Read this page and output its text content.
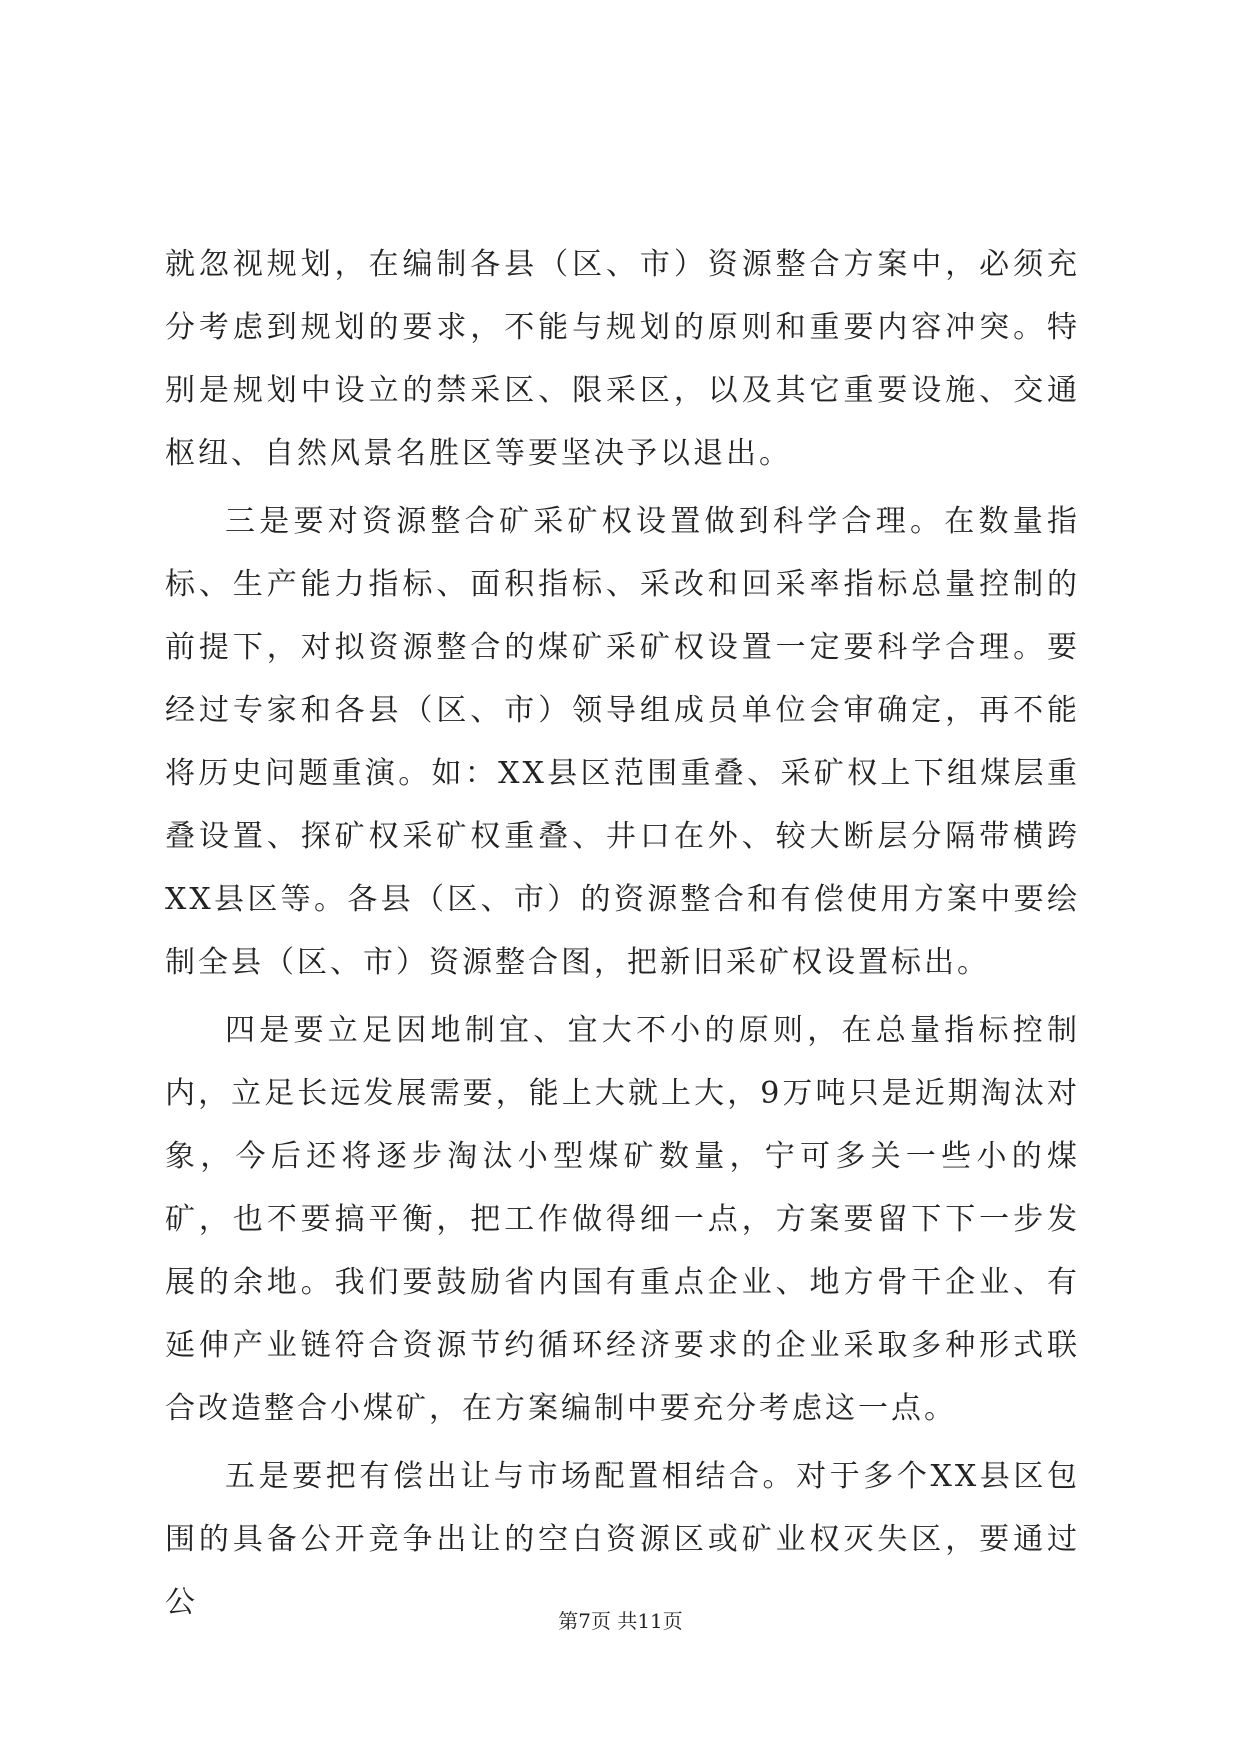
就忽视规划，在编制各县（区、市）资源整合方案中，必须充分考虑到规划的要求，不能与规划的原则和重要内容冲突。特别是规划中设立的禁采区、限采区，以及其它重要设施、交通枢纽、自然风景名胜区等要坚决予以退出。

三是要对资源整合矿采矿权设置做到科学合理。在数量指标、生产能力指标、面积指标、采改和回采率指标总量控制的前提下，对拟资源整合的煤矿采矿权设置一定要科学合理。要经过专家和各县（区、市）领导组成员单位会审确定，再不能将历史问题重演。如：XX县区范围重叠、采矿权上下组煤层重叠设置、探矿权采矿权重叠、井口在外、较大断层分隔带横跨XX县区等。各县（区、市）的资源整合和有偿使用方案中要绘制全县（区、市）资源整合图，把新旧采矿权设置标出。

四是要立足因地制宜、宜大不小的原则，在总量指标控制内，立足长远发展需要，能上大就上大，9万吨只是近期淘汰对象，今后还将逐步淘汰小型煤矿数量，宁可多关一些小的煤矿，也不要搞平衡，把工作做得细一点，方案要留下下一步发展的余地。我们要鼓励省内国有重点企业、地方骨干企业、有延伸产业链符合资源节约循环经济要求的企业采取多种形式联合改造整合小煤矿，在方案编制中要充分考虑这一点。

五是要把有偿出让与市场配置相结合。对于多个XX县区包围的具备公开竞争出让的空白资源区或矿业权灭失区，要通过公

第7页 共11页
